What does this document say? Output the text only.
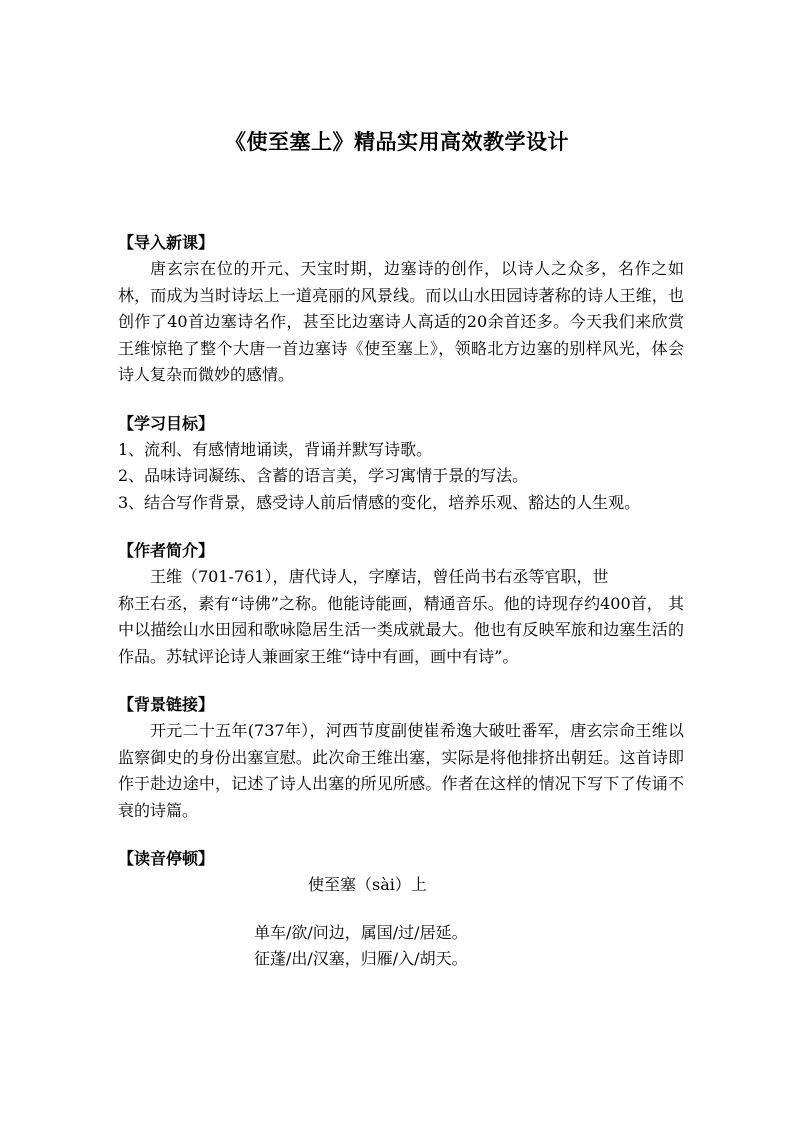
《使至塞上》精品实用高效教学设计

【导入新课】

唐玄宗在位的开元、天宝时期，边塞诗的创作，以诗人之众多，名作之如林，而成为当时诗坛上一道亮丽的风景线。而以山水田园诗著称的诗人王维，也创作了40首边塞诗名作，甚至比边塞诗人高适的20余首还多。今天我们来欣赏王维惊艳了整个大唐一首边塞诗《使至塞上》，领略北方边塞的别样风光，体会诗人复杂而微妙的感情。

【学习目标】

1、流利、有感情地诵读，背诵并默写诗歌。

2、品味诗词凝练、含蓄的语言美，学习寓情于景的写法。

3、结合写作背景，感受诗人前后情感的变化，培养乐观、豁达的人生观。

【作者简介】

王维（701-761），唐代诗人，字摩诘，曾任尚书右丞等官职，世

称王右丞，素有“诗佛”之称。他能诗能画，精通音乐。他的诗现存约400首， 其中以描绘山水田园和歌咏隐居生活一类成就最大。他也有反映军旅和边塞生活的作品。苏轼评论诗人兼画家王维“诗中有画，画中有诗”。

【背景链接】

开元二十五年(737年），河西节度副使崔希逸大破吐番军，唐玄宗命王维以监察御史的身份出塞宣慰。此次命王维出塞，实际是将他排挤出朝廷。这首诗即作于赴边途中，记述了诗人出塞的所见所感。作者在这样的情况下写下了传诵不衰的诗篇。

【读音停顿】

使至塞（sài）上

单车/欲/问边，属国/过/居延。

征蓬/出/汉塞，归雁/入/胡天。
